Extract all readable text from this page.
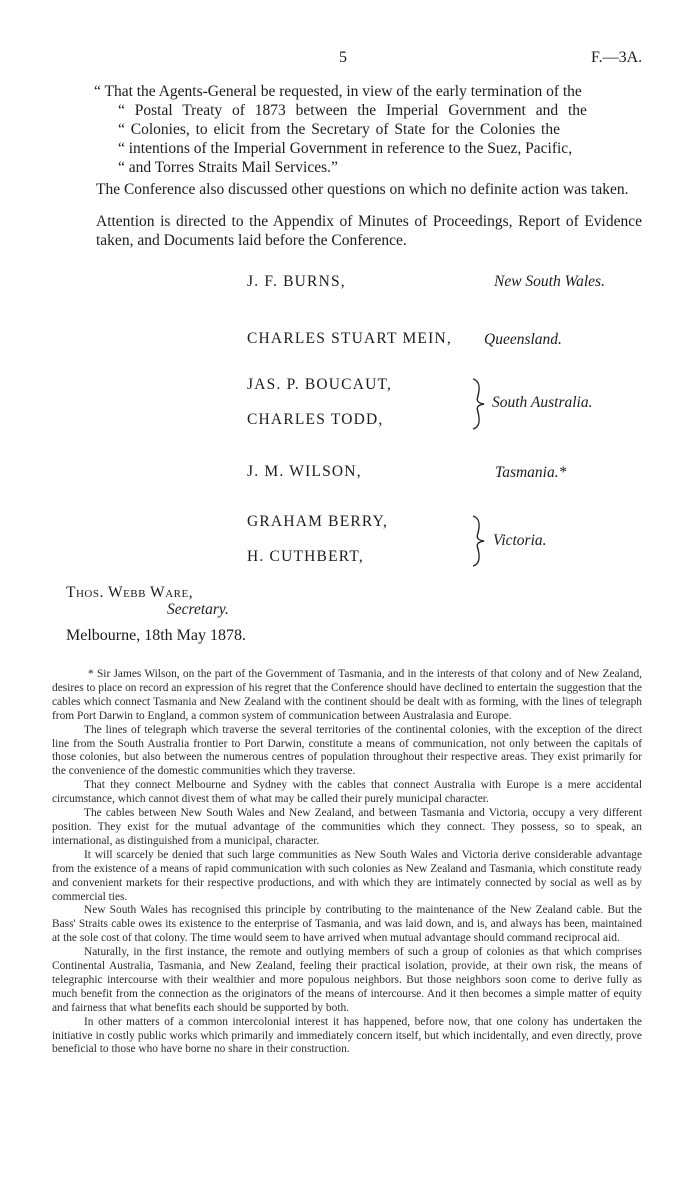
5	F.—3A.
“ That the Agents-General be requested, in view of the early termination of the
“ Postal Treaty of 1873 between the Imperial Government and the
“ Colonies, to elicit from the Secretary of State for the Colonies the
“ intentions of the Imperial Government in reference to the Suez, Pacific,
“ and Torres Straits Mail Services.”
The Conference also discussed other questions on which no definite action was taken.
Attention is directed to the Appendix of Minutes of Proceedings, Report of Evidence taken, and Documents laid before the Conference.
J. F. BURNS,	New South Wales.
CHARLES STUART MEIN, Queensland.
JAS. P. BOUCAUT,
CHARLES TODD,
South Australia.
J. M. WILSON,	Tasmania.*
GRAHAM BERRY,
H. CUTHBERT,
Victoria.
Thos. Webb Ware,
Secretary.
Melbourne, 18th May 1878.

* Sir James Wilson, on the part of the Government of Tasmania, and in the interests of that colony and of New Zealand, desires to place on record an expression of his regret that the Conference should have declined to entertain the suggestion that the cables which connect Tasmania and New Zealand with the continent should be dealt with as forming, with the lines of telegraph from Port Darwin to England, a common system of communication between Australasia and Europe.

The lines of telegraph which traverse the several territories of the continental colonies, with the exception of the direct line from the South Australia frontier to Port Darwin, constitute a means of communication, not only between the capitals of those colonies, but also between the numerous centres of population throughout their respective areas. They exist primarily for the convenience of the domestic communities which they traverse.

That they connect Melbourne and Sydney with the cables that connect Australia with Europe is a mere accidental circumstance, which cannot divest them of what may be called their purely municipal character.

The cables between New South Wales and New Zealand, and between Tasmania and Victoria, occupy a very different position. They exist for the mutual advantage of the communities which they connect. They possess, so to speak, an international, as distinguished from a municipal, character.

It will scarcely be denied that such large communities as New South Wales and Victoria derive considerable advantage from the existence of a means of rapid communication with such colonies as New Zealand and Tasmania, which constitute ready and convenient markets for their respective productions, and with which they are intimately connected by social as well as by commercial ties.

New South Wales has recognised this principle by contributing to the maintenance of the New Zealand cable. But the Bass' Straits cable owes its existence to the enterprise of Tasmania, and was laid down, and is, and always has been, maintained at the sole cost of that colony. The time would seem to have arrived when mutual advantage should command reciprocal aid.

Naturally, in the first instance, the remote and outlying members of such a group of colonies as that which comprises Continental Australia, Tasmania, and New Zealand, feeling their practical isolation, provide, at their own risk, the means of telegraphic intercourse with their wealthier and more populous neighbors. But those neighbors soon come to derive fully as much benefit from the connection as the originators of the means of intercourse. And it then becomes a simple matter of equity and fairness that what benefits each should be supported by both.

In other matters of a common intercolonial interest it has happened, before now, that one colony has undertaken the initiative in costly public works which primarily and immediately concern itself, but which incidentally, and even directly, prove beneficial to those who have borne no share in their construction.
